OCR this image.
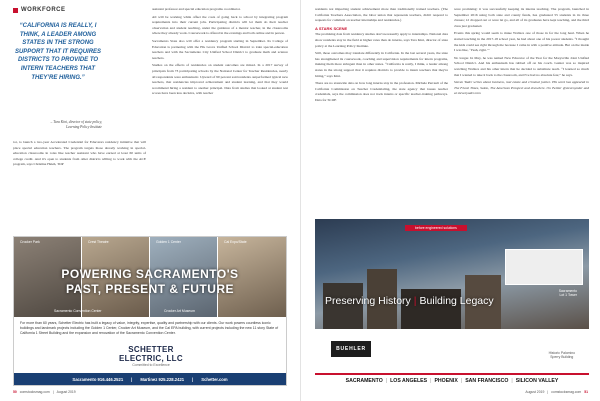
WORKFORCE
“CALIFORNIA IS REALLY, I THINK, A LEADER AMONG STATES IN THE STRONG SUPPORT THAT IT REQUIRES DISTRICTS TO PROVIDE TO INTERN TEACHERS THAT THEY’RE HIRING.”
– Tara Kini, director of state policy,
Learning Policy Institute

tor, to launch a two-year Accelerated Credential for Educators residency initiative that will place special education teachers. The program targets those already working in special-education classrooms in roles like teacher assistant who have earned at least 60 units of college credit. And it's open to students from other districts willing to work with the ACE program, says Christine Hsieh, TOP

assistant professor and special education programs coordinator.

All will be working while offset the costs of going back to school by integrating program requirements into their current jobs. Participating districts will let them do their teacher observation and student teaching, under the guidance of a mentor teacher, in the classrooms where they already work. Coursework is offered in the evenings and both online and in person.

Sacramento State also will offer a residency program starting in September. Its College of Education is partnering with the Elk Grove Unified School District to train special-education teachers and with the Sacramento City Unified School District to graduate math and science teachers.

Studies on the effects of residencies on student outcomes are mixed. In a 2017 survey of principals from 73 participating schools by the National Center for Teacher Residencies, nearly all respondents were enthusiastic. Upward of 90 percent said residents outperformed typical new teachers, that residencies improved achievement and student learning, and that they would recommend hiring a resident to another principal. Data from studies that looked at student test scores have been less decisive, with teacher

Crocker Park	Crest Theatre	Golden 1 Center	Cal Expo/State
Sacramento Convention Center	Crocker Art Museum
POWERING SACRAMENTO'S
PAST, PRESENT & FUTURE
For more than 60 years, Schetter Electric has built a legacy of value, integrity, expertise, quality and partnership with our clients. Our work powers countless iconic buildings and landmark projects including the Golden 1 Center, Crocker Art Museum, and the Cal EPA building, with current projects including the new 11 story State of California 1 Street Building and the expansion and renovation of the Sacramento Convention Center.
SCHETTER ELECTRIC, LLC
Committed to Excellence
Sacramento 916.446.2521 | Martinez 925.228.2421 | Schetter.com
50 comstocksmag.com | August 2019

residents not impacting student achievement more than traditionally trained teachers. (The California Teachers Association, the labor union that represents teachers, didn't respond to requests for comment on teacher internships and residencies.)

A STARK SCENE

The promising data from residency studies don't necessarily apply to internships. National data show residents stay in the field at higher rates than do interns, says Tara Kini, director of state policy at the Learning Policy Institute.

Still, those outcomes may translate differently in California. In the last several years, the state has strengthened its coursework, coaching and supervision requirements for intern programs, making them more stringent than in other states. “California is really, I think, a leader among states in the strong support that it requires districts to provide to intern teachers that they're hiring,” says Kini.

There are no statewide data on how long interns stay in the profession. Michele Perrault of the California Commission on Teacher Credentialing, the state agency that issues teacher credentials, says the commission does not track interns or specific teacher-training pathways. Data for SCOE

were promising: it was successfully keeping its interns teaching. The program, launched in September 2016 using both state and county funds, has graduated 55 students in its three classes; 12 dropped out or were let go, and all of its graduates have kept teaching, and the third class just graduated.

Events this spring would seem to make Wallace one of those in for the long haul. When he started teaching in the 2017-18 school year, he had about one of his poorer students. “I thought the kids could see right through me because I came in with a positive attitude. But on the inside I was like, ‘Yeah, right.’”

No longer. In May, he was named New Educator of the Year for the Marysville Joint Unified School District. And his enthusiasm has rubbed off on his coach. Gunter was so inspired watching Wallace and his other intern that he decided to substitute teach. “I learned so much that I wanted to take it back to the classroom, and I've had no absolute fear,” he says.

Steven Yoder writes about business, real estate and criminal justice. His work has appeared in The Fiscal Times, Salon, The American Prospect and elsewhere. On Twitter @stevenyoder and at stevenyoder.com

before engineered solutions
Sacramento
Lot 1 Tower
Preserving History | Building Legacy
BUEHLER
Historic Palomino
Sperry Building
SACRAMENTO | LOS ANGELES | PHOENIX | SAN FRANCISCO | SILICON VALLEY
August 2019 | comstocksmag.com 51
